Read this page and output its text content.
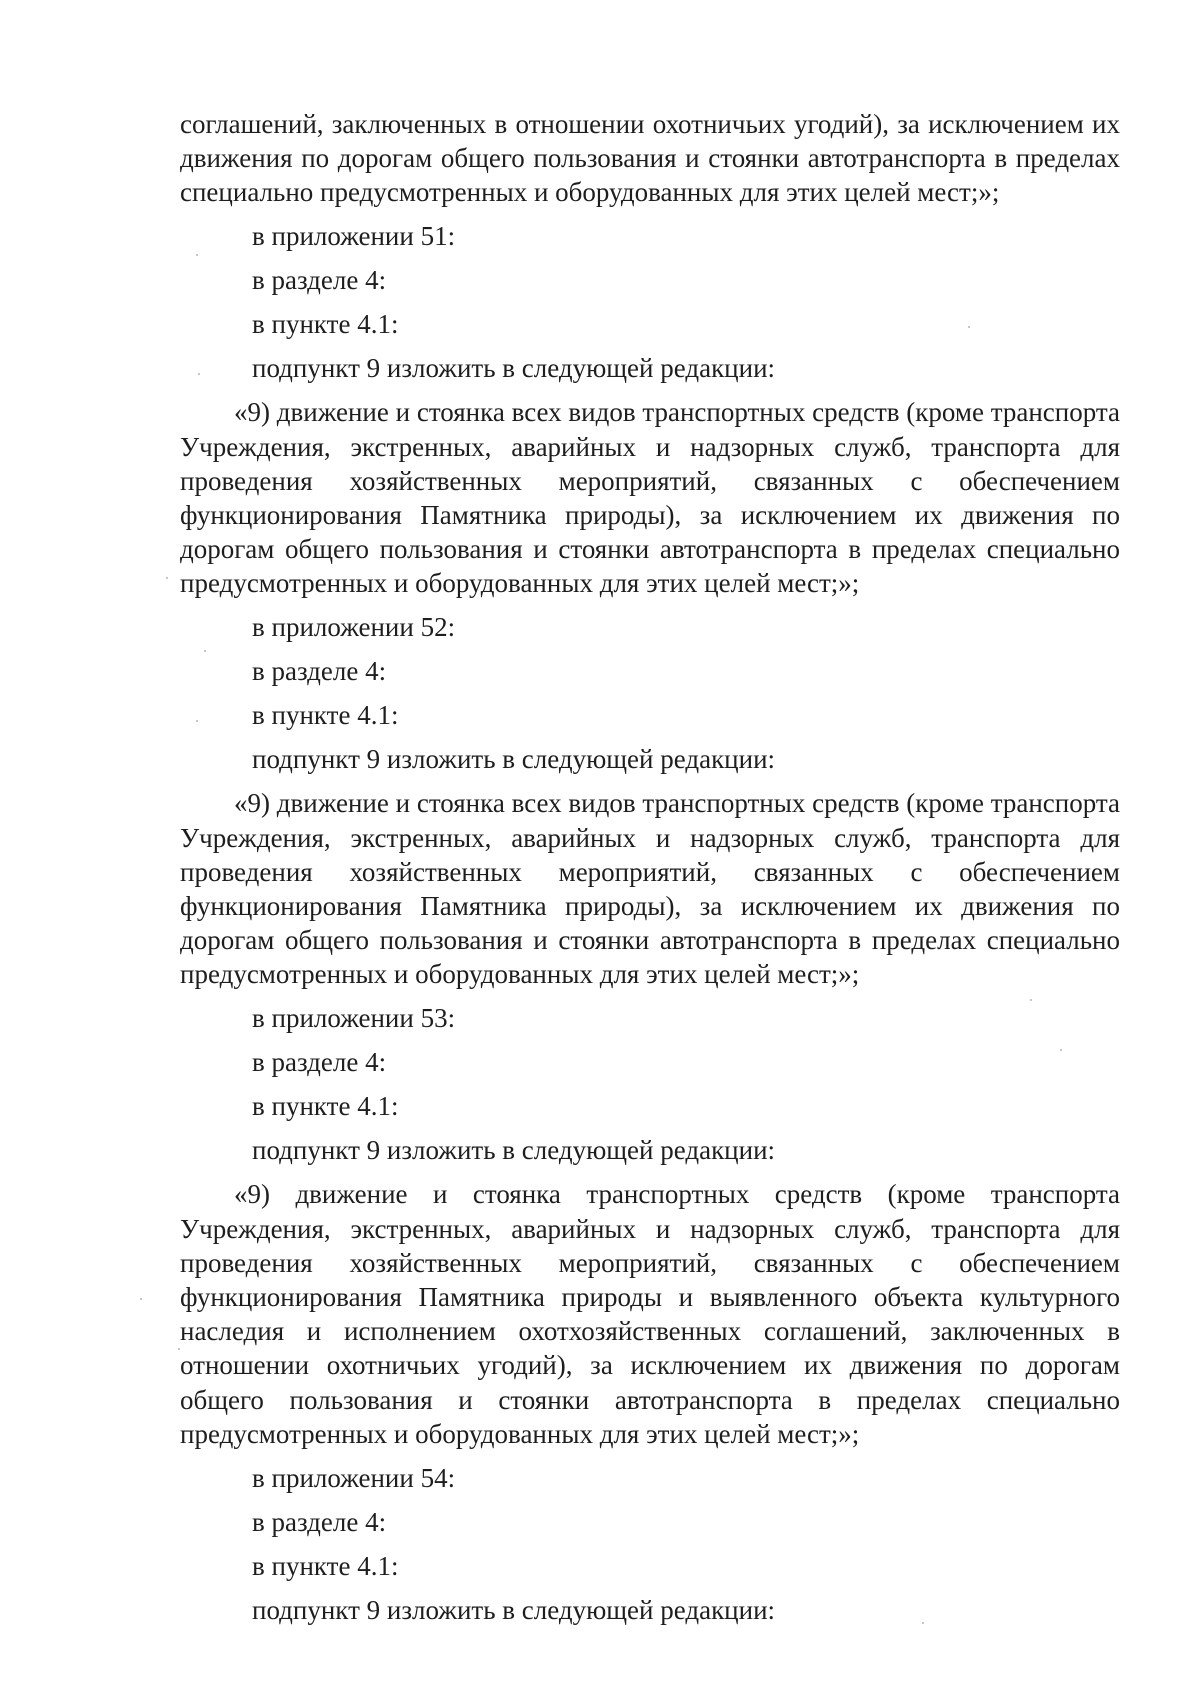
соглашений, заключенных в отношении охотничьих угодий), за исключением их движения по дорогам общего пользования и стоянки автотранспорта в пределах специально предусмотренных и оборудованных для этих целей мест;»;

в приложении 51:
в разделе 4:
в пункте 4.1:
подпункт 9 изложить в следующей редакции:

«9) движение и стоянка всех видов транспортных средств (кроме транспорта Учреждения, экстренных, аварийных и надзорных служб, транспорта для проведения хозяйственных мероприятий, связанных с обеспечением функционирования Памятника природы), за исключением их движения по дорогам общего пользования и стоянки автотранспорта в пределах специально предусмотренных и оборудованных для этих целей мест;»;

в приложении 52:
в разделе 4:
в пункте 4.1:
подпункт 9 изложить в следующей редакции:

«9) движение и стоянка всех видов транспортных средств (кроме транспорта Учреждения, экстренных, аварийных и надзорных служб, транспорта для проведения хозяйственных мероприятий, связанных с обеспечением функционирования Памятника природы), за исключением их движения по дорогам общего пользования и стоянки автотранспорта в пределах специально предусмотренных и оборудованных для этих целей мест;»;

в приложении 53:
в разделе 4:
в пункте 4.1:
подпункт 9 изложить в следующей редакции:

«9) движение и стоянка транспортных средств (кроме транспорта Учреждения, экстренных, аварийных и надзорных служб, транспорта для проведения хозяйственных мероприятий, связанных с обеспечением функционирования Памятника природы и выявленного объекта культурного наследия и исполнением охотхозяйственных соглашений, заключенных в отношении охотничьих угодий), за исключением их движения по дорогам общего пользования и стоянки автотранспорта в пределах специально предусмотренных и оборудованных для этих целей мест;»;

в приложении 54:
в разделе 4:
в пункте 4.1:
подпункт 9 изложить в следующей редакции:
